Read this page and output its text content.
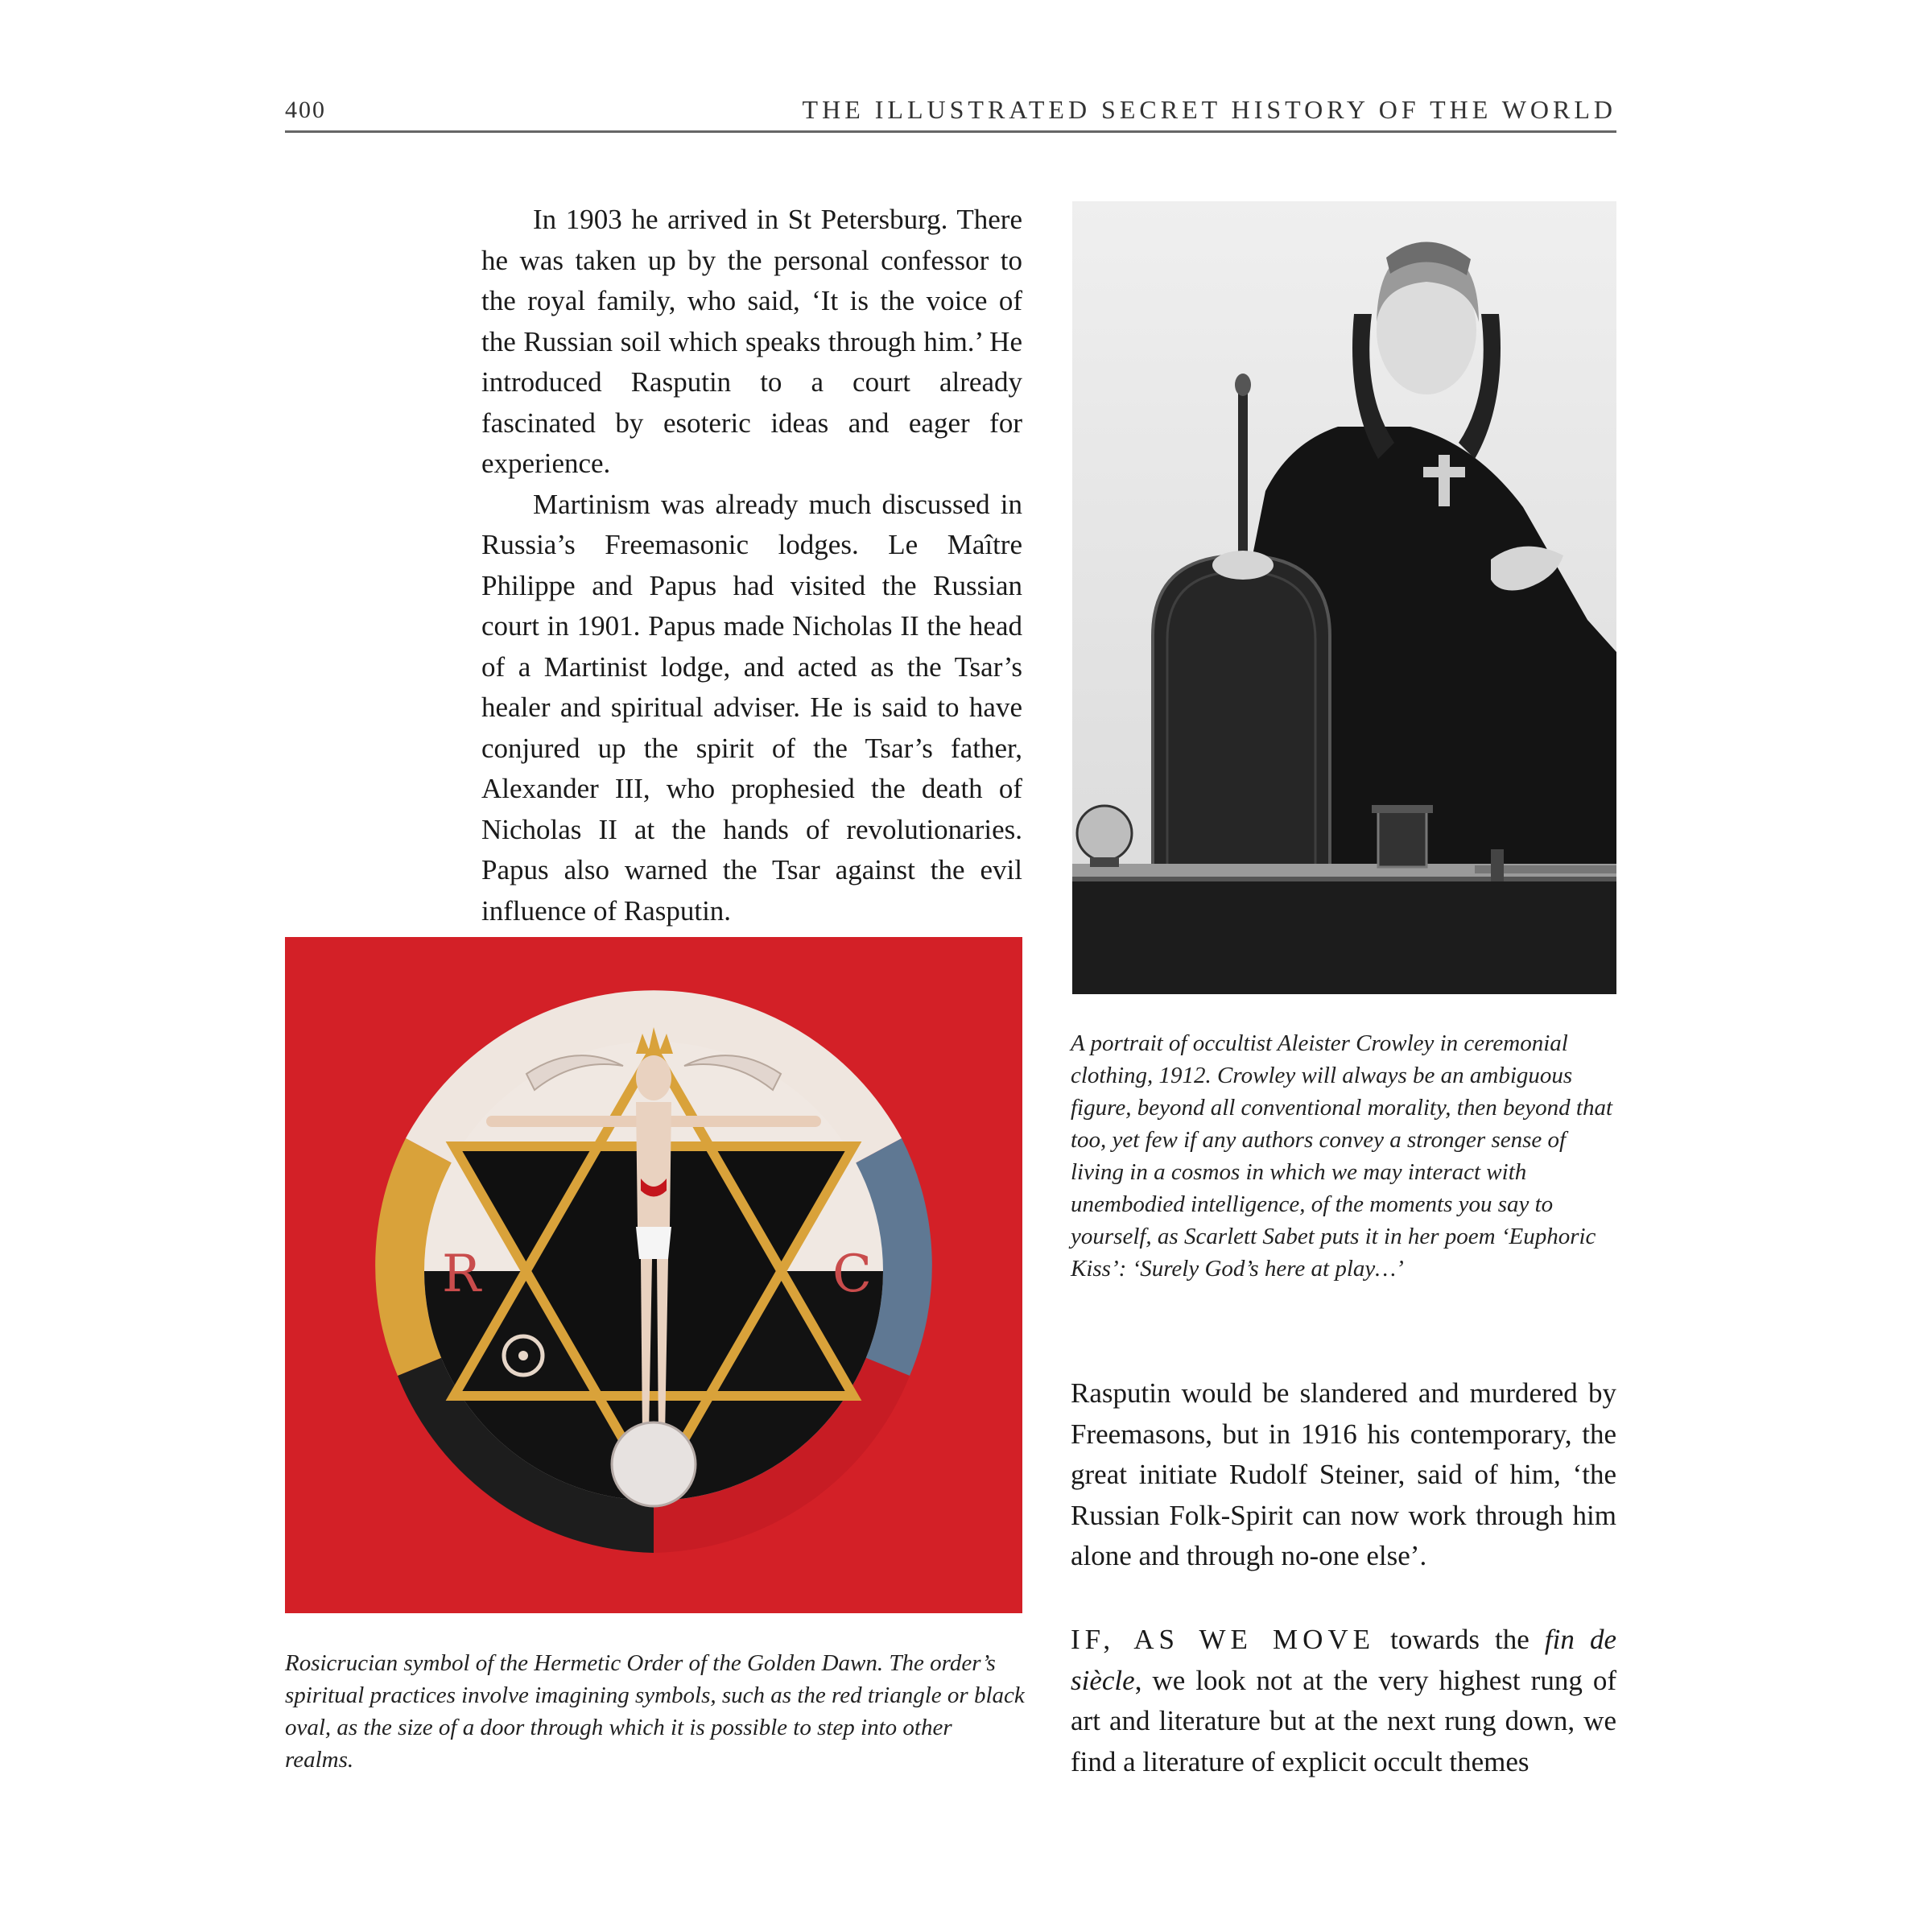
400	THE ILLUSTRATED SECRET HISTORY OF THE WORLD

In 1903 he arrived in St Petersburg. There he was taken up by the personal confessor to the royal family, who said, ‘It is the voice of the Russian soil which speaks through him.’ He introduced Rasputin to a court already fascinated by esoteric ideas and eager for experience.

Martinism was already much discussed in Russia’s Freemasonic lodges. Le Maître Philippe and Papus had visited the Russian court in 1901. Papus made Nicholas II the head of a Martinist lodge, and acted as the Tsar’s healer and spiritual adviser. He is said to have conjured up the spirit of the Tsar’s father, Alexander III, who prophesied the death of Nicholas II at the hands of revolutionaries. Papus also warned the Tsar against the evil influence of Rasputin.

A portrait of occultist Aleister Crowley in ceremonial clothing, 1912. Crowley will always be an ambiguous figure, beyond all conventional morality, then beyond that too, yet few if any authors convey a stronger sense of living in a cosmos in which we may interact with unembodied intelligence, of the moments you say to yourself, as Scarlett Sabet puts it in her poem ‘Euphoric Kiss’: ‘Surely God’s here at play…’

R	C

Rosicrucian symbol of the Hermetic Order of the Golden Dawn. The order’s spiritual practices involve imagining symbols, such as the red triangle or black oval, as the size of a door through which it is possible to step into other realms.

Rasputin would be slandered and murdered by Freemasons, but in 1916 his contemporary, the great initiate Rudolf Steiner, said of him, ‘the Russian Folk-Spirit can now work through him alone and through no-one else’.

IF, AS WE MOVE towards the fin de siècle, we look not at the very highest rung of art and literature but at the next rung down, we find a literature of explicit occult themes
